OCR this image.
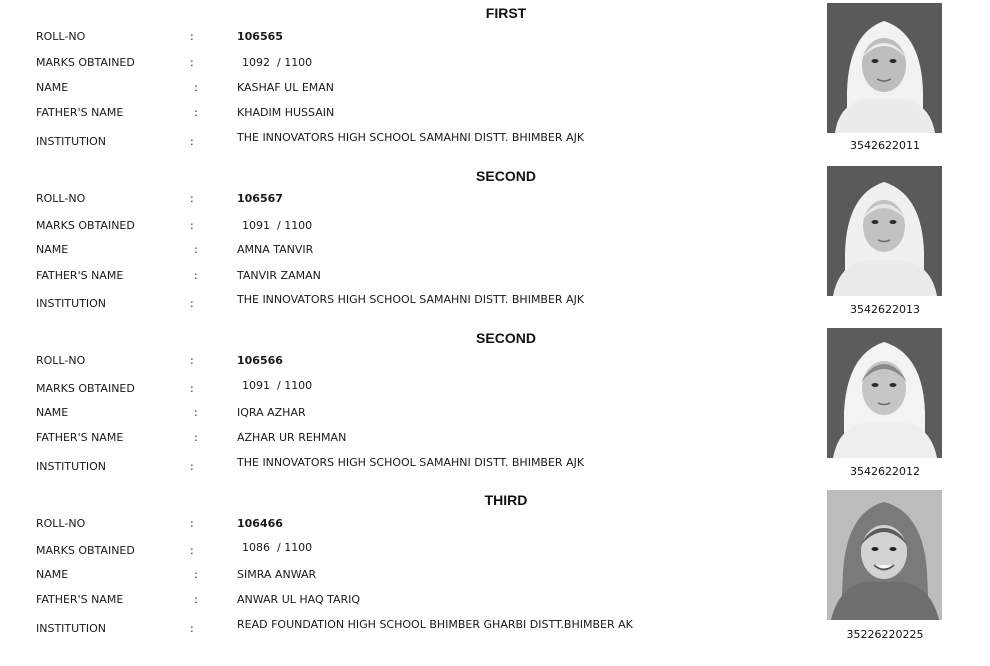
FIRST
ROLL-NO	:	106565
MARKS OBTAINED	:	1092  / 1100
NAME	:	KASHAF UL EMAN
FATHER'S NAME	:	KHADIM HUSSAIN
INSTITUTION	:	THE INNOVATORS HIGH SCHOOL SAMAHNI DISTT. BHIMBER AJK
3542622011
SECOND
ROLL-NO	:	106567
MARKS OBTAINED	:	1091  / 1100
NAME	:	AMNA TANVIR
FATHER'S NAME	:	TANVIR ZAMAN
INSTITUTION	:	THE INNOVATORS HIGH SCHOOL SAMAHNI DISTT. BHIMBER AJK
3542622013
SECOND
ROLL-NO	:	106566
MARKS OBTAINED	:	1091  / 1100
NAME	:	IQRA AZHAR
FATHER'S NAME	:	AZHAR UR REHMAN
INSTITUTION	:	THE INNOVATORS HIGH SCHOOL SAMAHNI DISTT. BHIMBER AJK
3542622012
THIRD
ROLL-NO	:	106466
MARKS OBTAINED	:	1086  / 1100
NAME	:	SIMRA ANWAR
FATHER'S NAME	:	ANWAR UL HAQ TARIQ
INSTITUTION	:	READ FOUNDATION HIGH SCHOOL BHIMBER GHARBI DISTT.BHIMBER AK
35226220225
